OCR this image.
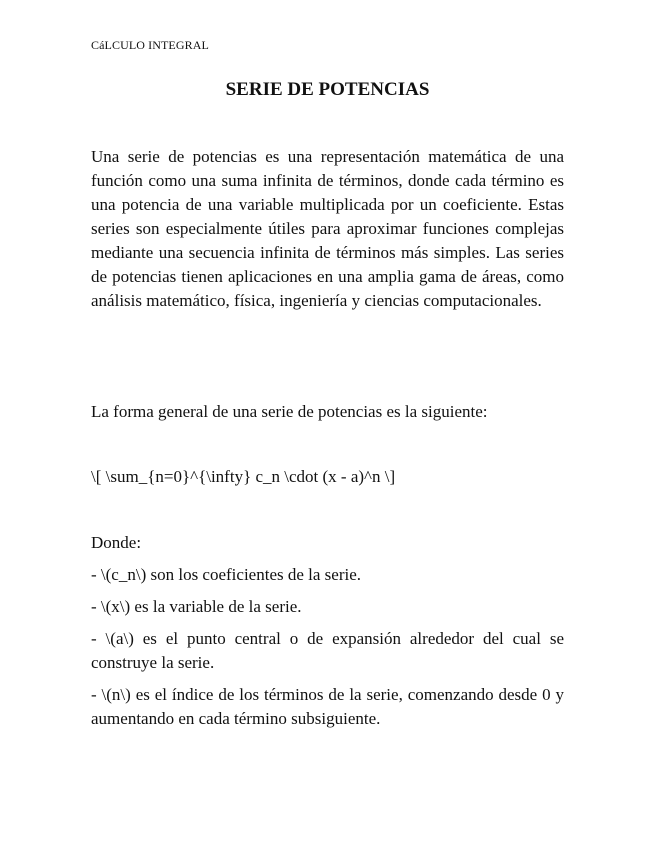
CáLCULO INTEGRAL
SERIE DE POTENCIAS
Una serie de potencias es una representación matemática de una función como una suma infinita de términos, donde cada término es una potencia de una variable multiplicada por un coeficiente. Estas series son especialmente útiles para aproximar funciones complejas mediante una secuencia infinita de términos más simples. Las series de potencias tienen aplicaciones en una amplia gama de áreas, como análisis matemático, física, ingeniería y ciencias computacionales.
La forma general de una serie de potencias es la siguiente:
\[ \sum_{n=0}^{\infty} c_n \cdot (x - a)^n \]
Donde:
- \(c_n\) son los coeficientes de la serie.
- \(x\) es la variable de la serie.
- \(a\) es el punto central o de expansión alrededor del cual se construye la serie.
- \(n\) es el índice de los términos de la serie, comenzando desde 0 y aumentando en cada término subsiguiente.
